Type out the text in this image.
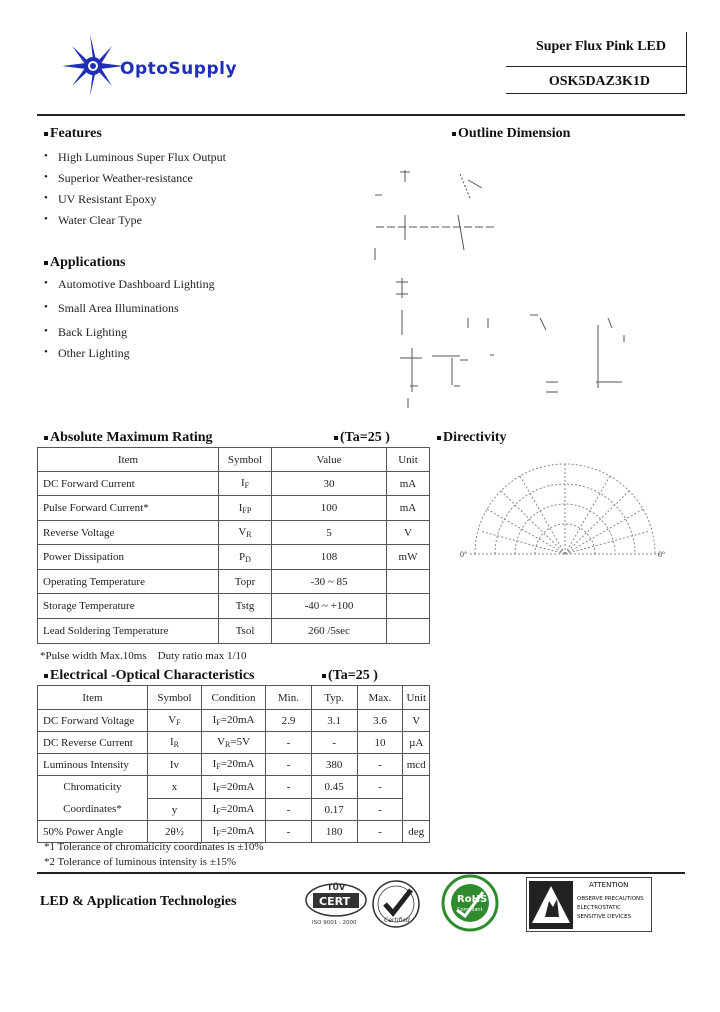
OptoSupply
Super Flux Pink LED
OSK5DAZ3K1D
Features
• High Luminous Super Flux Output
• Superior Weather-resistance
• UV Resistant Epoxy
• Water Clear Type
Applications
• Automotive Dashboard Lighting
• Small Area Illuminations
• Back Lighting
• Other Lighting
Outline Dimension
Absolute Maximum Rating	(Ta=25 )
Item	Symbol	Value	Unit
DC Forward Current	$I_F$	30	mA
Pulse Forward Current*	$I_{FP}$	100	mA
Reverse Voltage	$V_R$	5	V
Power Dissipation	$P_D$	108	mW
Operating Temperature	Topr	-30 ~ 85	
Storage Temperature	Tstg	-40 ~ +100	
Lead Soldering Temperature	Tsol	260 /5sec	
*Pulse width Max.10ms    Duty ratio max 1/10
Directivity
0°	0°
Electrical -Optical Characteristics	(Ta=25 )
Item	Symbol	Condition	Min.	Typ.	Max.	Unit
DC Forward Voltage	$V_F$	$I_F=20mA$	2.9	3.1	3.6	V
DC Reverse Current	$I_R$	$V_R=5V$	-	-	10	µA
Luminous Intensity	Iv	$I_F=20mA$	-	380	-	mcd
Chromaticity	x	$I_F=20mA$	-	0.45	-	
Coordinates*	y	$I_F=20mA$	-	0.17	-	
50% Power Angle	2θ½	$I_F=20mA$	-	180	-	deg
*1 Tolerance of chromaticity coordinates is ±10%
*2 Tolerance of luminous intensity is ±15%
LED & Application Technologies
TÜV
CERT
ISO 9001 : 2000	Certified
RoHS
Compliant
ATTENTION
OBSERVE PRECAUTIONS
ELECTROSTATIC
SENSITIVE DEVICES
